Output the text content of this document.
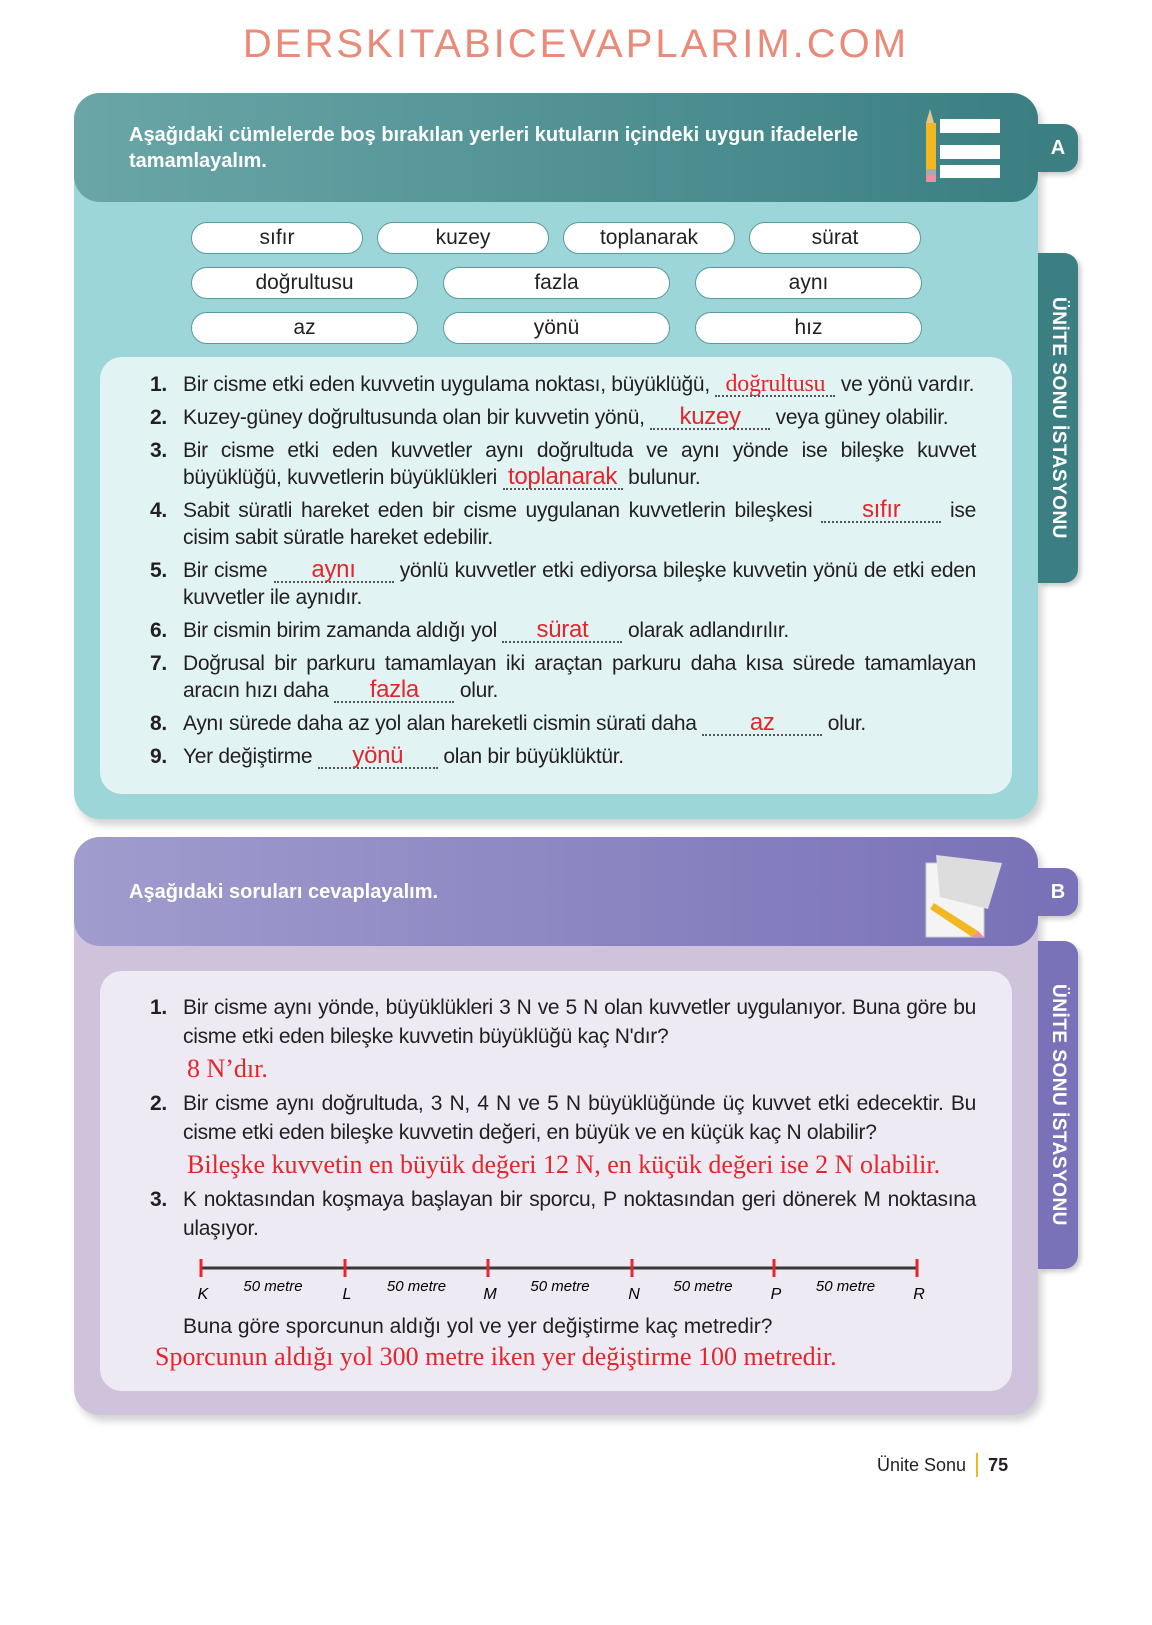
DERSKITABICEVAPLARIM.COM
Aşağıdaki cümlelerde boş bırakılan yerleri kutuların içindeki uygun ifadelerle tamamlayalım.
A
ÜNİTE SONU İSTASYONU
sıfır	kuzey	toplanarak	sürat
doğrultusu	fazla	aynı
az	yönü	hız
1. Bir cisme etki eden kuvvetin uygulama noktası, büyüklüğü, doğrultusu ve yönü vardır.
2. Kuzey-güney doğrultusunda olan bir kuvvetin yönü, kuzey veya güney olabilir.
3. Bir cisme etki eden kuvvetler aynı doğrultuda ve aynı yönde ise bileşke kuvvet büyüklüğü, kuvvetlerin büyüklükleri toplanarak bulunur.
4. Sabit süratli hareket eden bir cisme uygulanan kuvvetlerin bileşkesi sıfır ise cisim sabit süratle hareket edebilir.
5. Bir cisme aynı yönlü kuvvetler etki ediyorsa bileşke kuvvetin yönü de etki eden kuvvetler ile aynıdır.
6. Bir cismin birim zamanda aldığı yol sürat olarak adlandırılır.
7. Doğrusal bir parkuru tamamlayan iki araçtan parkuru daha kısa sürede tamamlayan aracın hızı daha fazla olur.
8. Aynı sürede daha az yol alan hareketli cismin sürati daha az olur.
9. Yer değiştirme yönü olan bir büyüklüktür.
Aşağıdaki soruları cevaplayalım.	B
ÜNİTE SONU İSTASYONU
1. Bir cisme aynı yönde, büyüklükleri 3 N ve 5 N olan kuvvetler uygulanıyor. Buna göre bu cisme etki eden bileşke kuvvetin büyüklüğü kaç N'dır?
8 N’dır.
2. Bir cisme aynı doğrultuda, 3 N, 4 N ve 5 N büyüklüğünde üç kuvvet etki edecektir. Bu cisme etki eden bileşke kuvvetin değeri, en büyük ve en küçük kaç N olabilir?
Bileşke kuvvetin en büyük değeri 12 N, en küçük değeri ise 2 N olabilir.
3. K noktasından koşmaya başlayan bir sporcu, P noktasından geri dönerek M noktasına ulaşıyor.
K 50 metre L 50 metre M 50 metre N 50 metre P 50 metre R
Buna göre sporcunun aldığı yol ve yer değiştirme kaç metredir?
Sporcunun aldığı yol 300 metre iken yer değiştirme 100 metredir.
Ünite Sonu 75
